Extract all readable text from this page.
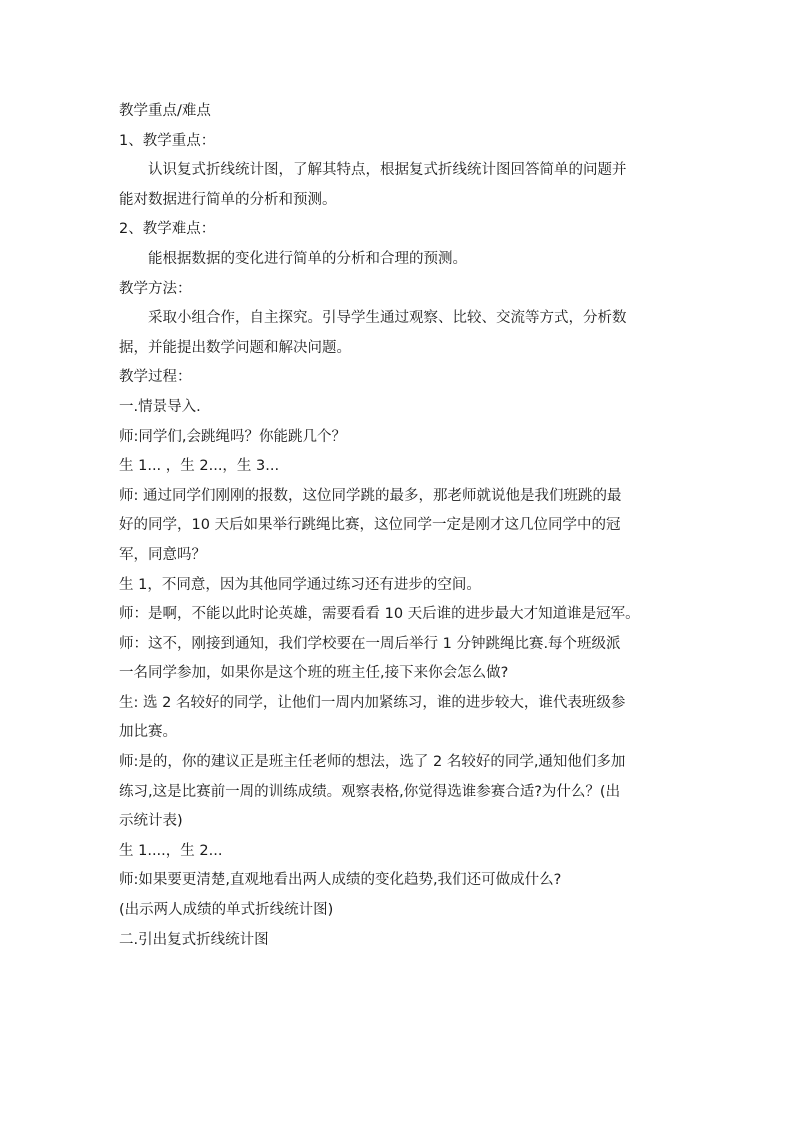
教学重点/难点
1、教学重点：
认识复式折线统计图，了解其特点，根据复式折线统计图回答简单的问题并
能对数据进行简单的分析和预测。
2、教学难点：
能根据数据的变化进行简单的分析和合理的预测。
教学方法：
采取小组合作，自主探究。引导学生通过观察、比较、交流等方式，分析数
据，并能提出数学问题和解决问题。
教学过程：
一.情景导入.
师:同学们,会跳绳吗？你能跳几个？
生 1... ，生 2...，生 3...
师: 通过同学们刚刚的报数，这位同学跳的最多，那老师就说他是我们班跳的最
好的同学，10 天后如果举行跳绳比赛，这位同学一定是刚才这几位同学中的冠
军，同意吗？
生 1，不同意，因为其他同学通过练习还有进步的空间。
师：是啊，不能以此时论英雄，需要看看 10 天后谁的进步最大才知道谁是冠军。
师：这不，刚接到通知，我们学校要在一周后举行 1 分钟跳绳比赛.每个班级派
一名同学参加，如果你是这个班的班主任,接下来你会怎么做?
生: 选 2 名较好的同学，让他们一周内加紧练习，谁的进步较大，谁代表班级参
加比赛。
师:是的，你的建议正是班主任老师的想法，选了 2 名较好的同学,通知他们多加
练习,这是比赛前一周的训练成绩。观察表格,你觉得选谁参赛合适?为什么？(出
示统计表)
生 1....，生 2...
师:如果要更清楚,直观地看出两人成绩的变化趋势,我们还可做成什么?
(出示两人成绩的单式折线统计图)
二.引出复式折线统计图
